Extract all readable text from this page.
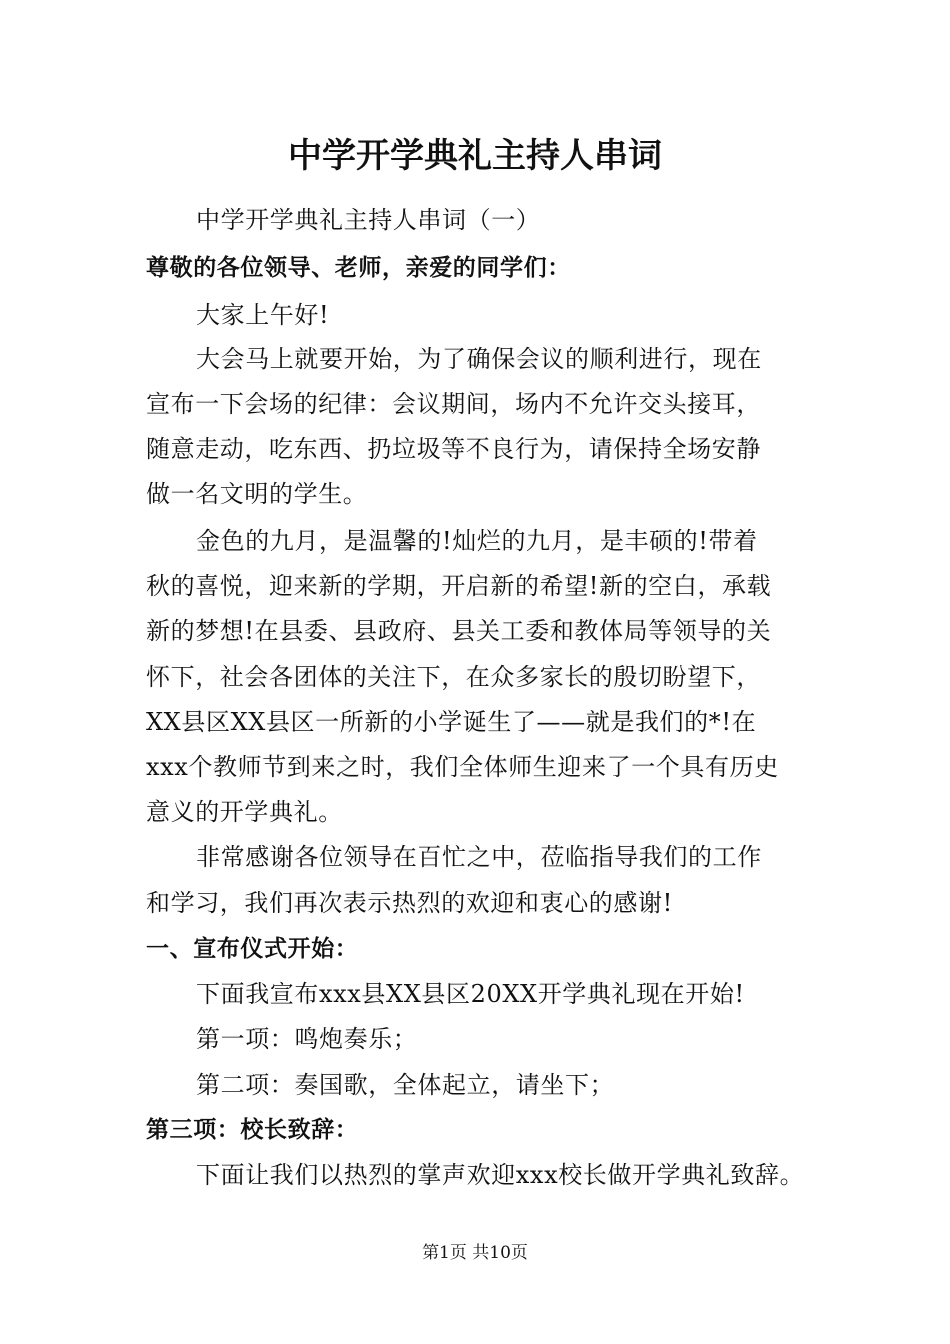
中学开学典礼主持人串词
中学开学典礼主持人串词（一）
尊敬的各位领导、老师，亲爱的同学们：
大家上午好!
大会马上就要开始，为了确保会议的顺利进行，现在
宣布一下会场的纪律：会议期间，场内不允许交头接耳，
随意走动，吃东西、扔垃圾等不良行为，请保持全场安静
做一名文明的学生。
金色的九月，是温馨的!灿烂的九月，是丰硕的!带着
秋的喜悦，迎来新的学期，开启新的希望!新的空白，承载
新的梦想!在县委、县政府、县关工委和教体局等领导的关
怀下，社会各团体的关注下，在众多家长的殷切盼望下，
XX县区XX县区一所新的小学诞生了——就是我们的*!在
xxx个教师节到来之时，我们全体师生迎来了一个具有历史
意义的开学典礼。
非常感谢各位领导在百忙之中，莅临指导我们的工作
和学习，我们再次表示热烈的欢迎和衷心的感谢!
一、宣布仪式开始：
下面我宣布xxx县XX县区20XX开学典礼现在开始!
第一项：鸣炮奏乐；
第二项：奏国歌，全体起立，请坐下；
第三项：校长致辞：
下面让我们以热烈的掌声欢迎xxx校长做开学典礼致辞。
第1页 共10页
